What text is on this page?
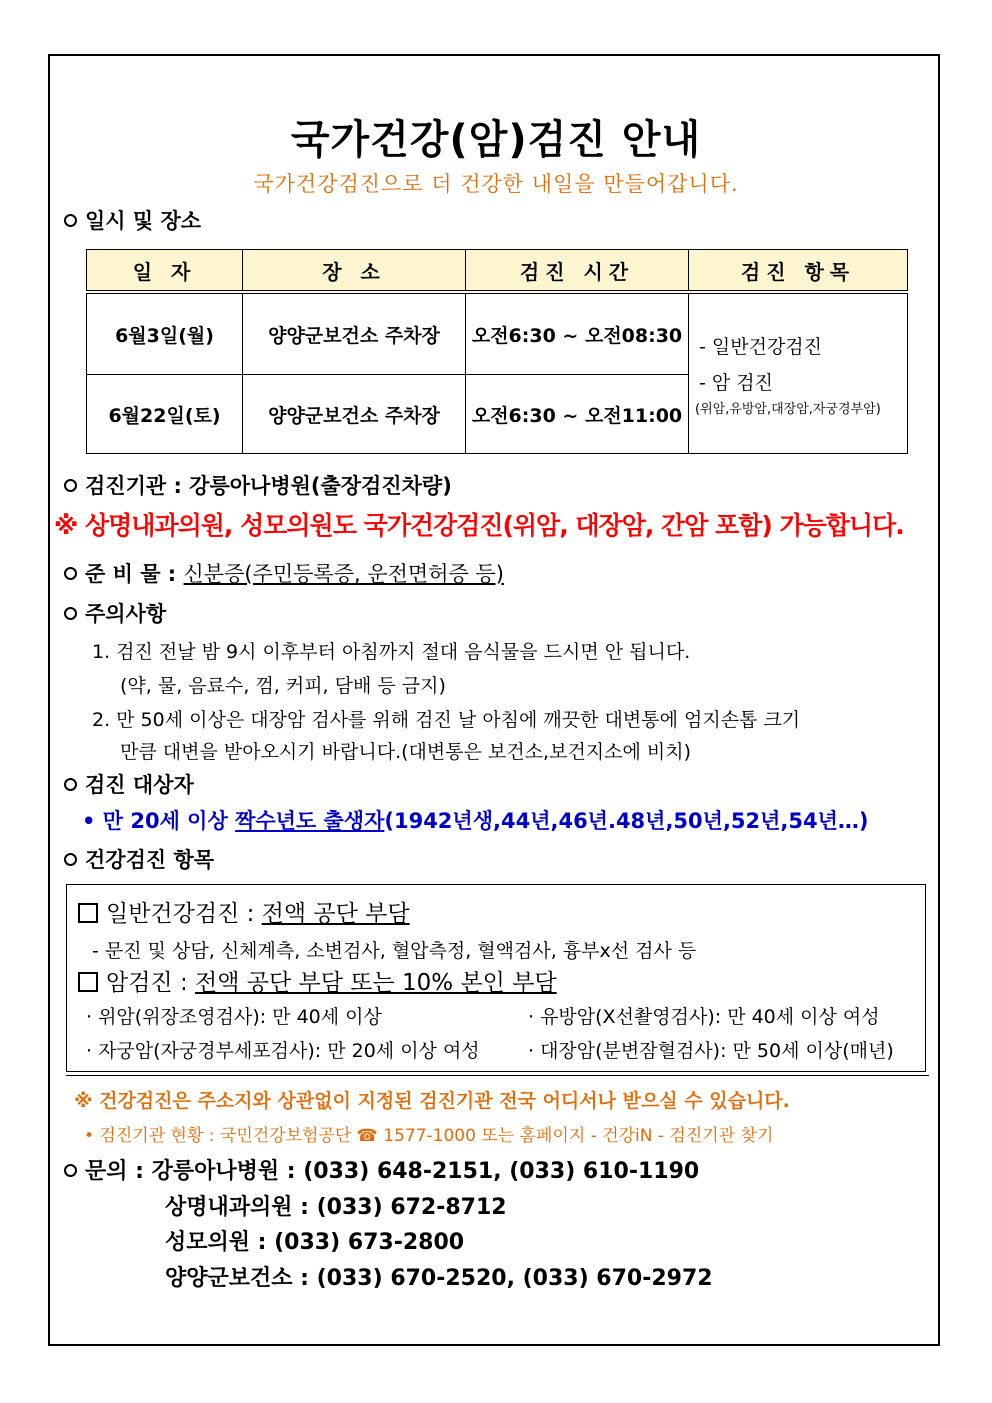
국가건강(암)검진 안내
국가건강검진으로 더 건강한 내일을 만들어갑니다.
일시 및 장소
일 자	장 소	검진 시간	검진 항목
6월3일(월)	양양군보건소 주차장	오전6:30 ~ 오전08:30	- 일반건강검진
- 암 검진
(위암,유방암,대장암,자궁경부암)

6월22일(토)	양양군보건소 주차장	오전6:30 ~ 오전11:00	
검진기관 : 강릉아나병원(출장검진차량)
※ 상명내과의원, 성모의원도 국가건강검진(위암, 대장암, 간암 포함) 가능합니다.
준 비 물 : 신분증(주민등록증, 운전면허증 등)
주의사항
1. 검진 전날 밤 9시 이후부터 아침까지 절대 음식물을 드시면 안 됩니다.
(약, 물, 음료수, 껌, 커피, 담배 등 금지)
2. 만 50세 이상은 대장암 검사를 위해 검진 날 아침에 깨끗한 대변통에 엄지손톱 크기
만큼 대변을 받아오시기 바랍니다.(대변통은 보건소,보건지소에 비치)
검진 대상자
• 만 20세 이상 짝수년도 출생자(1942년생,44년,46년.48년,50년,52년,54년…)
건강검진 항목
일반건강검진 : 전액 공단 부담
- 문진 및 상담, 신체계측, 소변검사, 혈압측정, 혈액검사, 흉부x선 검사 등
암검진 : 전액 공단 부담 또는 10% 본인 부담
· 위암(위장조영검사): 만 40세 이상	· 유방암(X선촬영검사): 만 40세 이상 여성
· 자궁암(자궁경부세포검사): 만 20세 이상 여성	· 대장암(분변잠혈검사): 만 50세 이상(매년)
※ 건강검진은 주소지와 상관없이 지정된 검진기관 전국 어디서나 받으실 수 있습니다.
• 검진기관 현황 : 국민건강보험공단 ☎ 1577-1000 또는 홈페이지 - 건강iN - 검진기관 찾기
문의 : 강릉아나병원 : (033) 648-2151, (033) 610-1190
상명내과의원 : (033) 672-8712
성모의원 : (033) 673-2800
양양군보건소 : (033) 670-2520, (033) 670-2972
